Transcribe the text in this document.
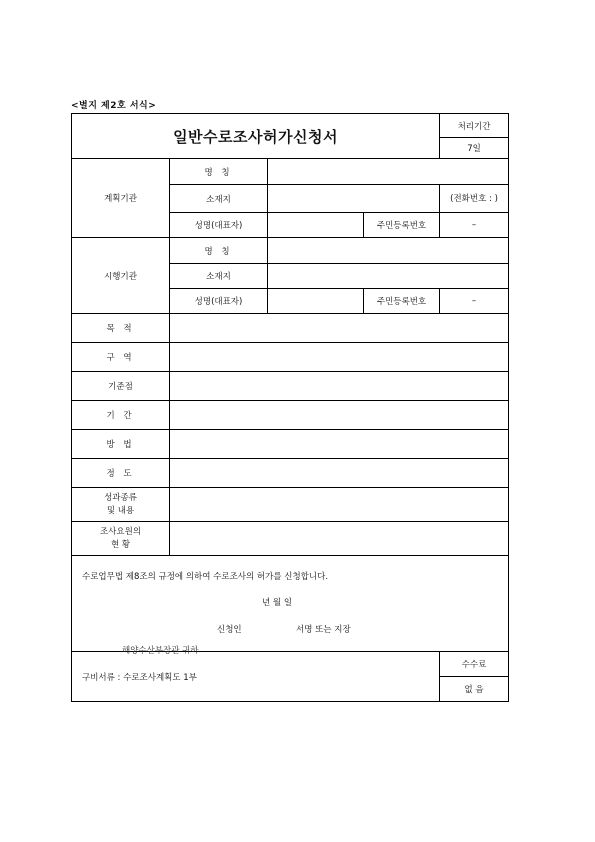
<별지 제2호 서식>
일반수로조사허가신청서				처리기간
				7일
계획기관	명 칭			
	소재지			(전화번호 : )
	성명(대표자)		주민등록번호	–
시행기관	명 칭			
	소재지			
	성명(대표자)		주민등록번호	–
목 적				
구 역				
기준점				
기 간				
방 법				
정 도				
성과종류
및 내용				
조사요원의
현 황				

수로업무법 제8조의 규정에 의하여 수로조사의 허가를 신청합니다.
년 월 일
신청인 서명 또는 지장
해양수산부장관 귀하				

구비서류 : 수로조사계획도 1부				수수료
				없 음
